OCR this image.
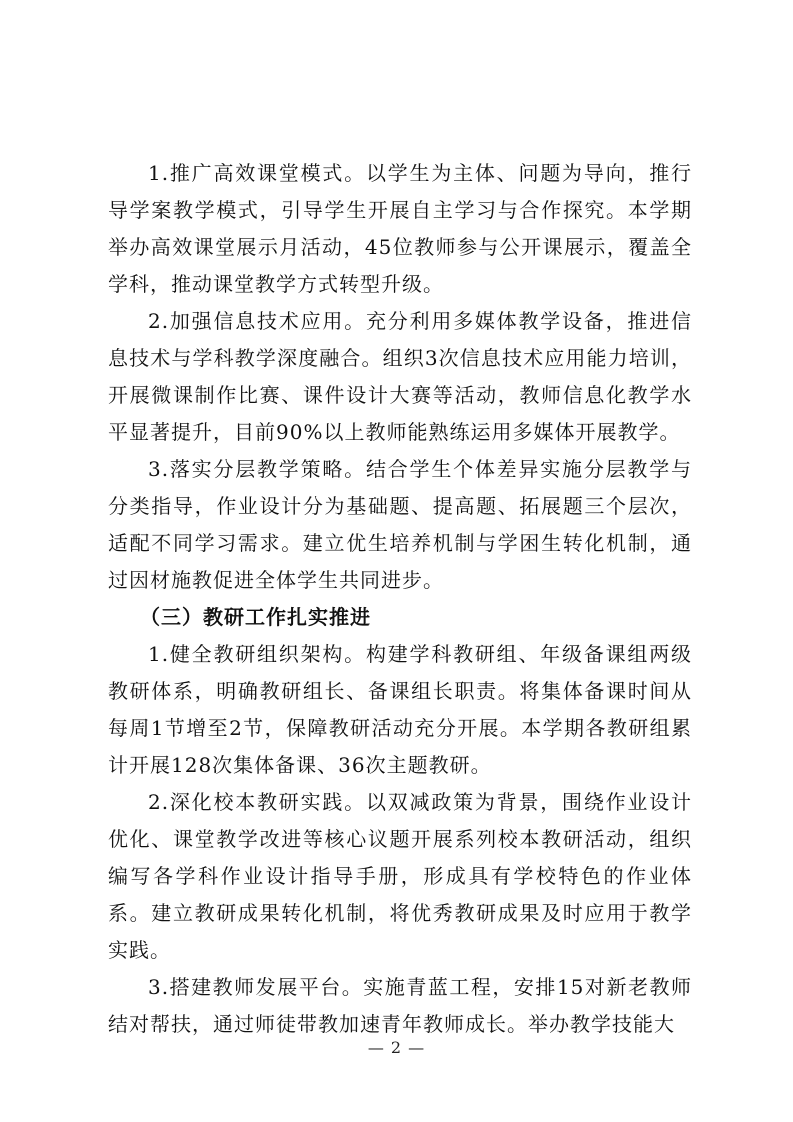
1.推广高效课堂模式。以学生为主体、问题为导向，推行导学案教学模式，引导学生开展自主学习与合作探究。本学期举办高效课堂展示月活动，45位教师参与公开课展示，覆盖全学科，推动课堂教学方式转型升级。

2.加强信息技术应用。充分利用多媒体教学设备，推进信息技术与学科教学深度融合。组织3次信息技术应用能力培训，开展微课制作比赛、课件设计大赛等活动，教师信息化教学水平显著提升，目前90%以上教师能熟练运用多媒体开展教学。

3.落实分层教学策略。结合学生个体差异实施分层教学与分类指导，作业设计分为基础题、提高题、拓展题三个层次，适配不同学习需求。建立优生培养机制与学困生转化机制，通过因材施教促进全体学生共同进步。

（三）教研工作扎实推进

1.健全教研组织架构。构建学科教研组、年级备课组两级教研体系，明确教研组长、备课组长职责。将集体备课时间从每周1节增至2节，保障教研活动充分开展。本学期各教研组累计开展128次集体备课、36次主题教研。

2.深化校本教研实践。以双减政策为背景，围绕作业设计优化、课堂教学改进等核心议题开展系列校本教研活动，组织编写各学科作业设计指导手册，形成具有学校特色的作业体系。建立教研成果转化机制，将优秀教研成果及时应用于教学实践。

3.搭建教师发展平台。实施青蓝工程，安排15对新老教师结对帮扶，通过师徒带教加速青年教师成长。举办教学技能大

— 2 —
